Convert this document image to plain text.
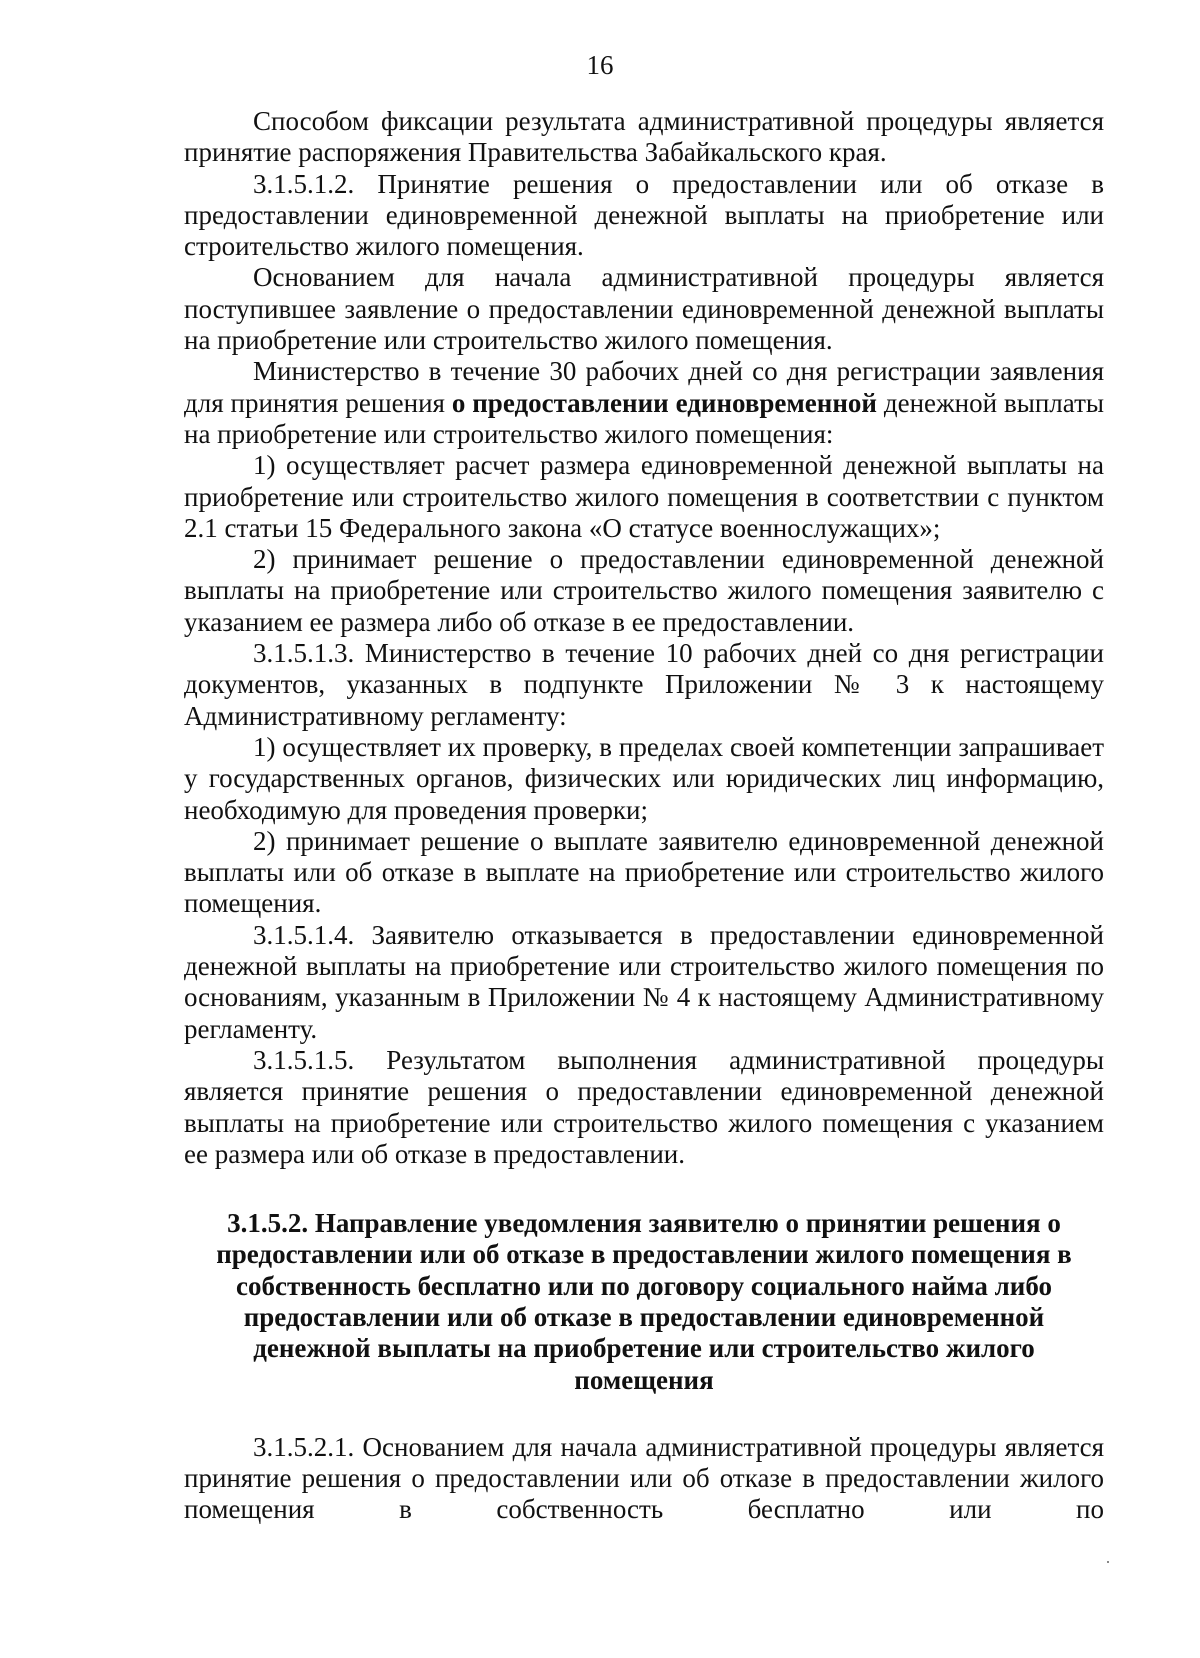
16

Способом фиксации результата административной процедуры является принятие распоряжения Правительства Забайкальского края.

3.1.5.1.2. Принятие решения о предоставлении или об отказе в предоставлении единовременной денежной выплаты на приобретение или строительство жилого помещения.

Основанием для начала административной процедуры является поступившее заявление о предоставлении единовременной денежной выплаты на приобретение или строительство жилого помещения.

Министерство в течение 30 рабочих дней со дня регистрации заявления для принятия решения о предоставлении единовременной денежной выплаты на приобретение или строительство жилого помещения:

1) осуществляет расчет размера единовременной денежной выплаты на приобретение или строительство жилого помещения в соответствии с пунктом 2.1 статьи 15 Федерального закона «О статусе военнослужащих»;

2) принимает решение о предоставлении единовременной денежной выплаты на приобретение или строительство жилого помещения заявителю с указанием ее размера либо об отказе в ее предоставлении.

3.1.5.1.3. Министерство в течение 10 рабочих дней со дня регистрации документов, указанных в подпункте Приложении № 3 к настоящему Административному регламенту:

1) осуществляет их проверку, в пределах своей компетенции запрашивает у государственных органов, физических или юридических лиц информацию, необходимую для проведения проверки;

2) принимает решение о выплате заявителю единовременной денежной выплаты или об отказе в выплате на приобретение или строительство жилого помещения.

3.1.5.1.4. Заявителю отказывается в предоставлении единовременной денежной выплаты на приобретение или строительство жилого помещения по основаниям, указанным в Приложении № 4 к настоящему Административному регламенту.

3.1.5.1.5. Результатом выполнения административной процедуры является принятие решения о предоставлении единовременной денежной выплаты на приобретение или строительство жилого помещения с указанием ее размера или об отказе в предоставлении.

3.1.5.2. Направление уведомления заявителю о принятии решения о предоставлении или об отказе в предоставлении жилого помещения в собственность бесплатно или по договору социального найма либо предоставлении или об отказе в предоставлении единовременной денежной выплаты на приобретение или строительство жилого помещения

3.1.5.2.1. Основанием для начала административной процедуры является принятие решения о предоставлении или об отказе в предоставлении жилого помещения в собственность бесплатно или по
